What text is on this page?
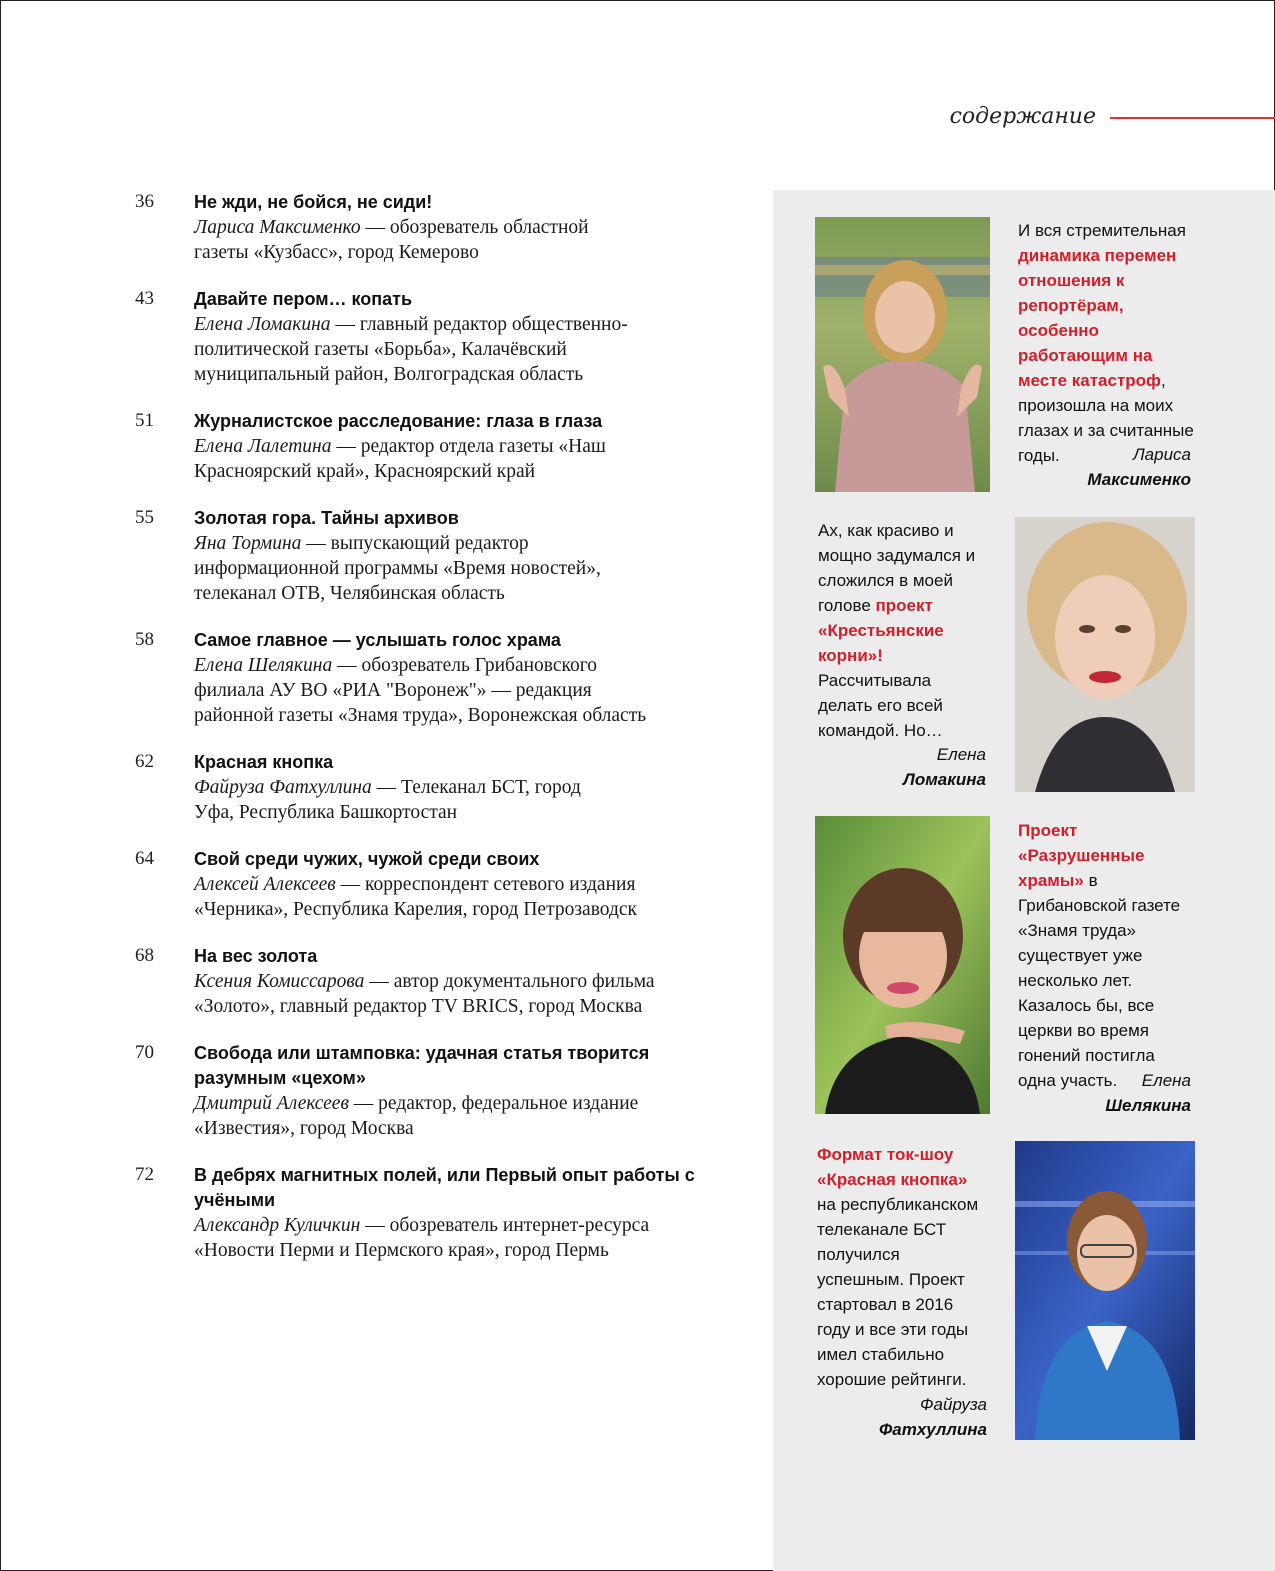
содержание
36	Не жди, не бойся, не сиди!
Лариса Максименко — обозреватель областной газеты «Кузбасс», город Кемерово
43	Давайте пером… копать
Елена Ломакина — главный редактор общественно-политической газеты «Борьба», Калачёвский муниципальный район, Волгоградская область
51	Журналистское расследование: глаза в глаза
Елена Лалетина — редактор отдела газеты «Наш Красноярский край», Красноярский край
55	Золотая гора. Тайны архивов
Яна Тормина — выпускающий редактор информационной программы «Время новостей», телеканал ОТВ, Челябинская область
58	Самое главное — услышать голос храма
Елена Шелякина — обозреватель Грибановского филиала АУ ВО «РИА "Воронеж"» — редакция районной газеты «Знамя труда», Воронежская область
62	Красная кнопка
Файруза Фатхуллина — Телеканал БСТ, город Уфа, Республика Башкортостан
64	Свой среди чужих, чужой среди своих
Алексей Алексеев — корреспондент сетевого издания «Черника», Республика Карелия, город Петрозаводск
68	На вес золота
Ксения Комиссарова — автор документального фильма «Золото», главный редактор TV BRICS, город Москва
70	Свобода или штамповка: удачная статья творится разумным «цехом»
Дмитрий Алексеев — редактор, федеральное издание «Известия», город Москва
72	В дебрях магнитных полей, или Первый опыт работы с учёными
Александр Куличкин — обозреватель интернет-ресурса «Новости Перми и Пермского края», город Пермь
И вся стремительная динамика перемен отношения к репортёрам, особенно работающим на месте катастроф, произошла на моих глазах и за считанные годы.	Лариса
Максименко
Ах, как красиво и мощно задумался и сложился в моей голове проект «Крестьянские корни»! Рассчитывала делать его всей командой. Но…
Елена
Ломакина
Проект «Разрушенные храмы» в Грибановской газете «Знамя труда» существует уже несколько лет. Казалось бы, все церкви во время гонений постигла одна участь.	Елена
Шелякина
Формат ток-шоу «Красная кнопка» на республиканском телеканале БСТ получился успешным. Проект стартовал в 2016 году и все эти годы имел стабильно хорошие рейтинги.
Файруза
Фатхуллина
